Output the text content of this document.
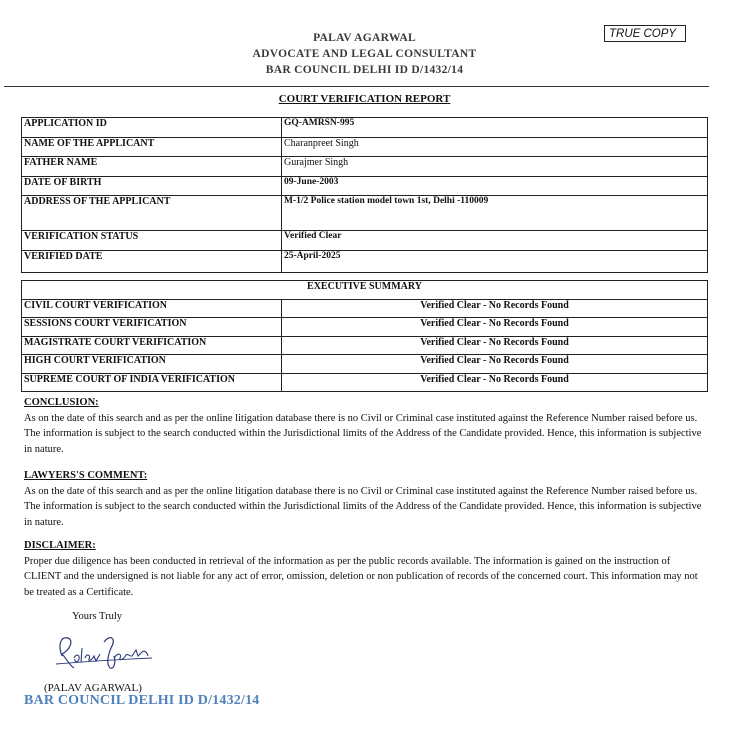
PALAV AGARWAL
ADVOCATE AND LEGAL CONSULTANT
BAR COUNCIL DELHI ID D/1432/14
TRUE COPY
COURT VERIFICATION REPORT
APPLICATION ID	GQ-AMRSN-995
NAME OF THE APPLICANT	Charanpreet Singh
FATHER NAME	Gurajmer Singh
DATE OF BIRTH	09-June-2003
ADDRESS OF THE APPLICANT	M-1/2 Police station model town 1st, Delhi -110009
VERIFICATION STATUS	Verified Clear
VERIFIED DATE	25-April-2025
EXECUTIVE SUMMARY	
CIVIL COURT VERIFICATION	Verified Clear - No Records Found
SESSIONS COURT VERIFICATION	Verified Clear - No Records Found
MAGISTRATE COURT VERIFICATION	Verified Clear - No Records Found
HIGH COURT VERIFICATION	Verified Clear - No Records Found
SUPREME COURT OF INDIA VERIFICATION	Verified Clear - No Records Found
CONCLUSION:
As on the date of this search and as per the online litigation database there is no Civil or Criminal case instituted against the Reference Number raised before us. The information is subject to the search conducted within the Jurisdictional limits of the Address of the Candidate provided. Hence, this information is subjective in nature.
LAWYERS'S COMMENT:
As on the date of this search and as per the online litigation database there is no Civil or Criminal case instituted against the Reference Number raised before us. The information is subject to the search conducted within the Jurisdictional limits of the Address of the Candidate provided. Hence, this information is subjective in nature.
DISCLAIMER:
Proper due diligence has been conducted in retrieval of the information as per the public records available. The information is gained on the instruction of CLIENT and the undersigned is not liable for any act of error, omission, deletion or non publication of records of the concerned court. This information may not be treated as a Certificate.
Yours Truly
(PALAV AGARWAL)
BAR COUNCIL DELHI ID D/1432/14
